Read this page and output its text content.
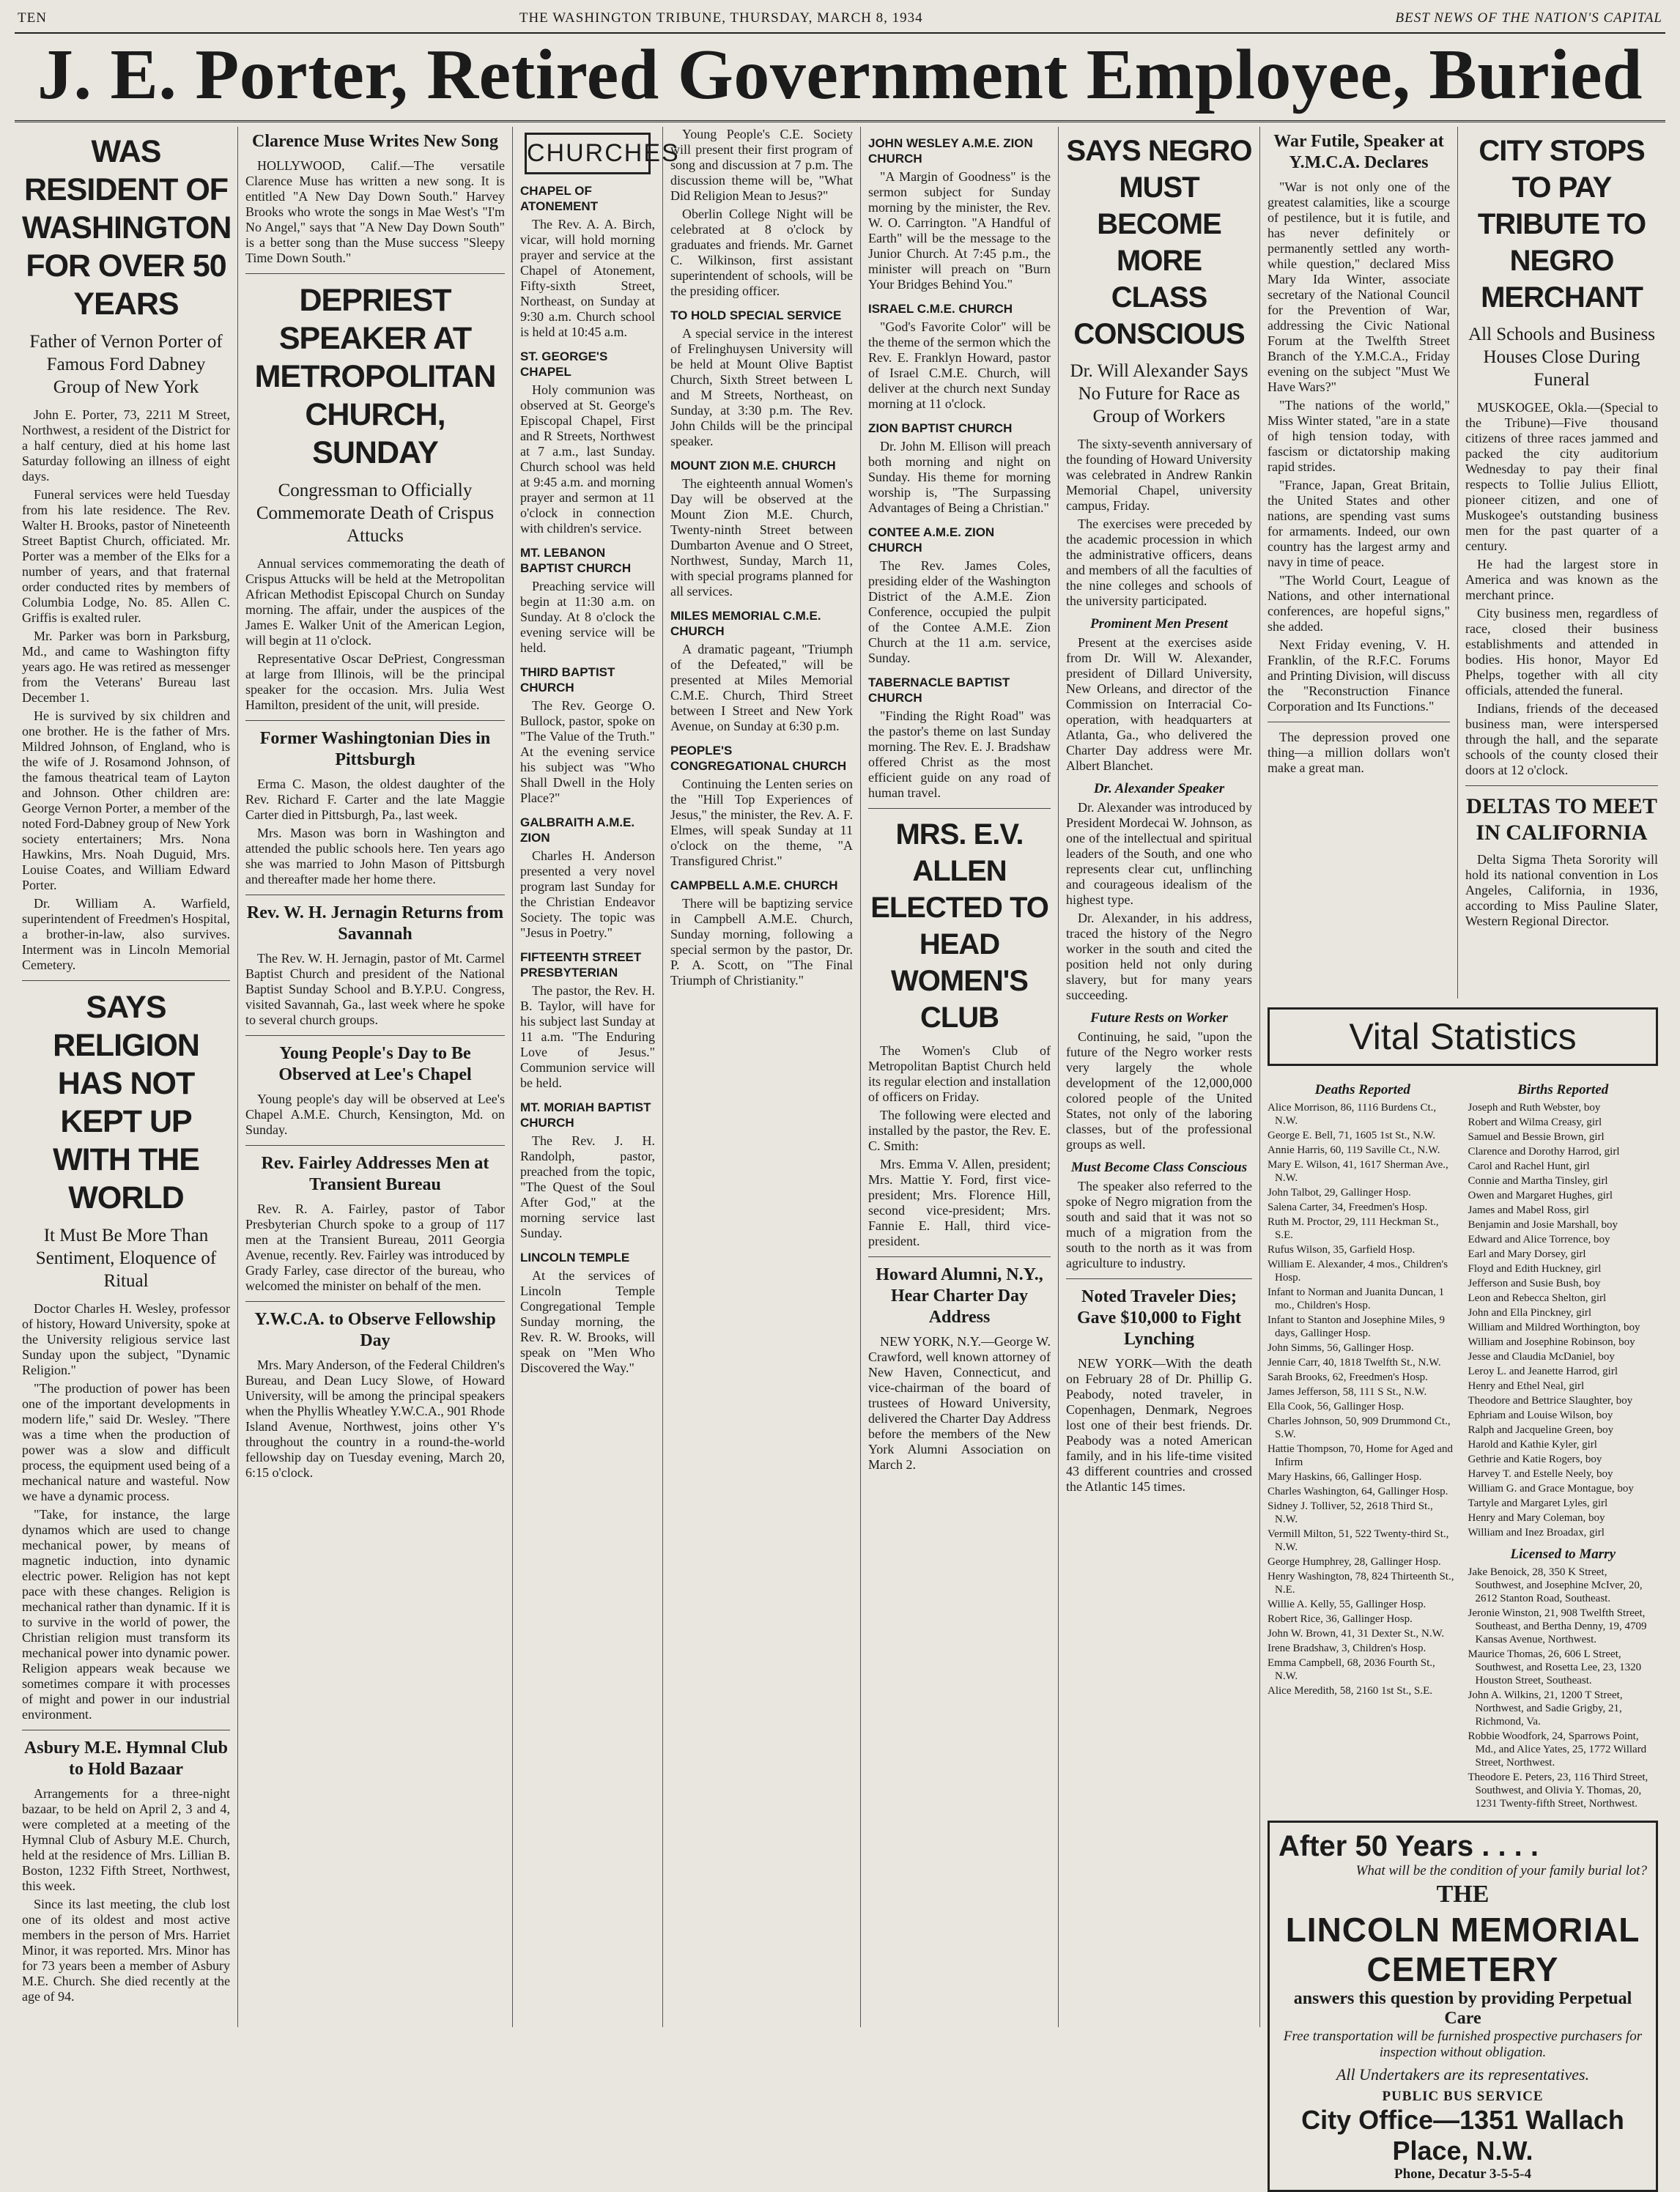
TEN	THE WASHINGTON TRIBUNE, THURSDAY, MARCH 8, 1934	BEST NEWS OF THE NATION'S CAPITAL
J. E. Porter, Retired Government Employee, Buried
WAS RESIDENT OF WASHINGTON FOR OVER 50 YEARS
Father of Vernon Porter of Famous Ford Dabney Group of New York

John E. Porter, 73, 2211 M Street, Northwest, a resident of the District for a half century, died at his home last Saturday following an illness of eight days.

Funeral services were held Tuesday from his late residence. The Rev. Walter H. Brooks, pastor of Nineteenth Street Baptist Church, officiated. Mr. Porter was a member of the Elks for a number of years, and that fraternal order conducted rites by members of Columbia Lodge, No. 85. Allen C. Griffis is exalted ruler.

Mr. Parker was born in Parksburg, Md., and came to Washington fifty years ago. He was retired as messenger from the Veterans' Bureau last December 1.

He is survived by six children and one brother. He is the father of Mrs. Mildred Johnson, of England, who is the wife of J. Rosamond Johnson, of the famous theatrical team of Layton and Johnson. Other children are: George Vernon Porter, a member of the noted Ford-Dabney group of New York society entertainers; Mrs. Nona Hawkins, Mrs. Noah Duguid, Mrs. Louise Coates, and William Edward Porter.

Dr. William A. Warfield, superintendent of Freedmen's Hospital, a brother-in-law, also survives. Interment was in Lincoln Memorial Cemetery.

SAYS RELIGION HAS NOT KEPT UP WITH THE WORLD
It Must Be More Than Sentiment, Eloquence of Ritual

Doctor Charles H. Wesley, professor of history, Howard University, spoke at the University religious service last Sunday upon the subject, "Dynamic Religion."

"The production of power has been one of the important developments in modern life," said Dr. Wesley. "There was a time when the production of power was a slow and difficult process, the equipment used being of a mechanical nature and wasteful. Now we have a dynamic process.

"Take, for instance, the large dynamos which are used to change mechanical power, by means of magnetic induction, into dynamic electric power. Religion has not kept pace with these changes. Religion is mechanical rather than dynamic. If it is to survive in the world of power, the Christian religion must transform its mechanical power into dynamic power. Religion appears weak because we sometimes compare it with processes of might and power in our industrial environment.

Asbury M.E. Hymnal Club to Hold Bazaar

Arrangements for a three-night bazaar, to be held on April 2, 3 and 4, were completed at a meeting of the Hymnal Club of Asbury M.E. Church, held at the residence of Mrs. Lillian B. Boston, 1232 Fifth Street, Northwest, this week.

Since its last meeting, the club lost one of its oldest and most active members in the person of Mrs. Harriet Minor, it was reported. Mrs. Minor has for 73 years been a member of Asbury M.E. Church. She died recently at the age of 94.

Clarence Muse Writes New Song

HOLLYWOOD, Calif.—The versatile Clarence Muse has written a new song. It is entitled "A New Day Down South." Harvey Brooks who wrote the songs in Mae West's "I'm No Angel," says that "A New Day Down South" is a better song than the Muse success "Sleepy Time Down South."

DEPRIEST SPEAKER AT METROPOLITAN CHURCH, SUNDAY
Congressman to Officially Commemorate Death of Crispus Attucks

Annual services commemorating the death of Crispus Attucks will be held at the Metropolitan African Methodist Episcopal Church on Sunday morning. The affair, under the auspices of the James E. Walker Unit of the American Legion, will begin at 11 o'clock.

Representative Oscar DePriest, Congressman at large from Illinois, will be the principal speaker for the occasion. Mrs. Julia West Hamilton, president of the unit, will preside.

Former Washingtonian Dies in Pittsburgh

Erma C. Mason, the oldest daughter of the Rev. Richard F. Carter and the late Maggie Carter died in Pittsburgh, Pa., last week.

Mrs. Mason was born in Washington and attended the public schools here. Ten years ago she was married to John Mason of Pittsburgh and thereafter made her home there.

Rev. W. H. Jernagin Returns from Savannah

The Rev. W. H. Jernagin, pastor of Mt. Carmel Baptist Church and president of the National Baptist Sunday School and B.Y.P.U. Congress, visited Savannah, Ga., last week where he spoke to several church groups.

Young People's Day to Be Observed at Lee's Chapel

Young people's day will be observed at Lee's Chapel A.M.E. Church, Kensington, Md. on Sunday.

Rev. Fairley Addresses Men at Transient Bureau

Rev. R. A. Fairley, pastor of Tabor Presbyterian Church spoke to a group of 117 men at the Transient Bureau, 2011 Georgia Avenue, recently. Rev. Fairley was introduced by Grady Farley, case director of the bureau, who welcomed the minister on behalf of the men.

Y.W.C.A. to Observe Fellowship Day

Mrs. Mary Anderson, of the Federal Children's Bureau, and Dean Lucy Slowe, of Howard University, will be among the principal speakers when the Phyllis Wheatley Y.W.C.A., 901 Rhode Island Avenue, Northwest, joins other Y's throughout the country in a round-the-world fellowship day on Tuesday evening, March 20, 6:15 o'clock.

CHURCHES
CHAPEL OF ATONEMENT

The Rev. A. A. Birch, vicar, will hold morning prayer and service at the Chapel of Atonement, Fifty-sixth Street, Northeast, on Sunday at 9:30 a.m. Church school is held at 10:45 a.m.

ST. GEORGE'S CHAPEL

Holy communion was observed at St. George's Episcopal Chapel, First and R Streets, Northwest at 7 a.m., last Sunday. Church school was held at 9:45 a.m. and morning prayer and sermon at 11 o'clock in connection with children's service.

MT. LEBANON BAPTIST CHURCH

Preaching service will begin at 11:30 a.m. on Sunday. At 8 o'clock the evening service will be held.

THIRD BAPTIST CHURCH

The Rev. George O. Bullock, pastor, spoke on "The Value of the Truth." At the evening service his subject was "Who Shall Dwell in the Holy Place?"

GALBRAITH A.M.E. ZION

Charles H. Anderson presented a very novel program last Sunday for the Christian Endeavor Society. The topic was "Jesus in Poetry."

FIFTEENTH STREET PRESBYTERIAN

The pastor, the Rev. H. B. Taylor, will have for his subject last Sunday at 11 a.m. "The Enduring Love of Jesus." Communion service will be held.

MT. MORIAH BAPTIST CHURCH

The Rev. J. H. Randolph, pastor, preached from the topic, "The Quest of the Soul After God," at the morning service last Sunday.

LINCOLN TEMPLE

At the services of Lincoln Temple Congregational Temple Sunday morning, the Rev. R. W. Brooks, will speak on "Men Who Discovered the Way."

Young People's C.E. Society will present their first program of song and discussion at 7 p.m. The discussion theme will be, "What Did Religion Mean to Jesus?"

Oberlin College Night will be celebrated at 8 o'clock by graduates and friends. Mr. Garnet C. Wilkinson, first assistant superintendent of schools, will be the presiding officer.

TO HOLD SPECIAL SERVICE

A special service in the interest of Frelinghuysen University will be held at Mount Olive Baptist Church, Sixth Street between L and M Streets, Northeast, on Sunday, at 3:30 p.m. The Rev. John Childs will be the principal speaker.

MOUNT ZION M.E. CHURCH

The eighteenth annual Women's Day will be observed at the Mount Zion M.E. Church, Twenty-ninth Street between Dumbarton Avenue and O Street, Northwest, Sunday, March 11, with special programs planned for all services.

MILES MEMORIAL C.M.E. CHURCH

A dramatic pageant, "Triumph of the Defeated," will be presented at Miles Memorial C.M.E. Church, Third Street between I Street and New York Avenue, on Sunday at 6:30 p.m.

PEOPLE'S CONGREGATIONAL CHURCH

Continuing the Lenten series on the "Hill Top Experiences of Jesus," the minister, the Rev. A. F. Elmes, will speak Sunday at 11 o'clock on the theme, "A Transfigured Christ."

CAMPBELL A.M.E. CHURCH

There will be baptizing service in Campbell A.M.E. Church, Sunday morning, following a special sermon by the pastor, Dr. P. A. Scott, on "The Final Triumph of Christianity."

JOHN WESLEY A.M.E. ZION CHURCH

"A Margin of Goodness" is the sermon subject for Sunday morning by the minister, the Rev. W. O. Carrington. "A Handful of Earth" will be the message to the Junior Church. At 7:45 p.m., the minister will preach on "Burn Your Bridges Behind You."

ISRAEL C.M.E. CHURCH

"God's Favorite Color" will be the theme of the sermon which the Rev. E. Franklyn Howard, pastor of Israel C.M.E. Church, will deliver at the church next Sunday morning at 11 o'clock.

ZION BAPTIST CHURCH

Dr. John M. Ellison will preach both morning and night on Sunday. His theme for morning worship is, "The Surpassing Advantages of Being a Christian."

CONTEE A.M.E. ZION CHURCH

The Rev. James Coles, presiding elder of the Washington District of the A.M.E. Zion Conference, occupied the pulpit of the Contee A.M.E. Zion Church at the 11 a.m. service, Sunday.

TABERNACLE BAPTIST CHURCH

"Finding the Right Road" was the pastor's theme on last Sunday morning. The Rev. E. J. Bradshaw offered Christ as the most efficient guide on any road of human travel.

MRS. E.V. ALLEN ELECTED TO HEAD WOMEN'S CLUB

The Women's Club of Metropolitan Baptist Church held its regular election and installation of officers on Friday.

The following were elected and installed by the pastor, the Rev. E. C. Smith:

Mrs. Emma V. Allen, president; Mrs. Mattie Y. Ford, first vice-president; Mrs. Florence Hill, second vice-president; Mrs. Fannie E. Hall, third vice-president.

Howard Alumni, N.Y., Hear Charter Day Address

NEW YORK, N.Y.—George W. Crawford, well known attorney of New Haven, Connecticut, and vice-chairman of the board of trustees of Howard University, delivered the Charter Day Address before the members of the New York Alumni Association on March 2.

SAYS NEGRO MUST BECOME MORE CLASS CONSCIOUS
Dr. Will Alexander Says No Future for Race as Group of Workers

The sixty-seventh anniversary of the founding of Howard University was celebrated in Andrew Rankin Memorial Chapel, university campus, Friday.

The exercises were preceded by the academic procession in which the administrative officers, deans and members of all the faculties of the nine colleges and schools of the university participated.

Prominent Men Present

Present at the exercises aside from Dr. Will W. Alexander, president of Dillard University, New Orleans, and director of the Commission on Interracial Co-operation, with headquarters at Atlanta, Ga., who delivered the Charter Day address were Mr. Albert Blanchet.

Dr. Alexander Speaker

Dr. Alexander was introduced by President Mordecai W. Johnson, as one of the intellectual and spiritual leaders of the South, and one who represents clear cut, unflinching and courageous idealism of the highest type.

Dr. Alexander, in his address, traced the history of the Negro worker in the south and cited the position held not only during slavery, but for many years succeeding.

Future Rests on Worker

Continuing, he said, "upon the future of the Negro worker rests very largely the whole development of the 12,000,000 colored people of the United States, not only of the laboring classes, but of the professional groups as well.

Must Become Class Conscious

The speaker also referred to the spoke of Negro migration from the south and said that it was not so much of a migration from the south to the north as it was from agriculture to industry.

Noted Traveler Dies; Gave $10,000 to Fight Lynching

NEW YORK—With the death on February 28 of Dr. Phillip G. Peabody, noted traveler, in Copenhagen, Denmark, Negroes lost one of their best friends. Dr. Peabody was a noted American family, and in his life-time visited 43 different countries and crossed the Atlantic 145 times.

War Futile, Speaker at Y.M.C.A. Declares

"War is not only one of the greatest calamities, like a scourge of pestilence, but it is futile, and has never definitely or permanently settled any worth-while question," declared Miss Mary Ida Winter, associate secretary of the National Council for the Prevention of War, addressing the Civic National Forum at the Twelfth Street Branch of the Y.M.C.A., Friday evening on the subject "Must We Have Wars?"

"The nations of the world," Miss Winter stated, "are in a state of high tension today, with fascism or dictatorship making rapid strides.

"France, Japan, Great Britain, the United States and other nations, are spending vast sums for armaments. Indeed, our own country has the largest army and navy in time of peace.

"The World Court, League of Nations, and other international conferences, are hopeful signs," she added.

Next Friday evening, V. H. Franklin, of the R.F.C. Forums and Printing Division, will discuss the "Reconstruction Finance Corporation and Its Functions."

The depression proved one thing—a million dollars won't make a great man.

CITY STOPS TO PAY TRIBUTE TO NEGRO MERCHANT
All Schools and Business Houses Close During Funeral

MUSKOGEE, Okla.—(Special to the Tribune)—Five thousand citizens of three races jammed and packed the city auditorium Wednesday to pay their final respects to Tollie Julius Elliott, pioneer citizen, and one of Muskogee's outstanding business men for the past quarter of a century.

He had the largest store in America and was known as the merchant prince.

City business men, regardless of race, closed their business establishments and attended in bodies. His honor, Mayor Ed Phelps, together with all city officials, attended the funeral.

Indians, friends of the deceased business man, were interspersed through the hall, and the separate schools of the county closed their doors at 12 o'clock.

DELTAS TO MEET IN CALIFORNIA

Delta Sigma Theta Sorority will hold its national convention in Los Angeles, California, in 1936, according to Miss Pauline Slater, Western Regional Director.

Vital Statistics
Deaths Reported
Alice Morrison, 86, 1116 Burdens Ct., N.W.
George E. Bell, 71, 1605 1st St., N.W.
Annie Harris, 60, 119 Saville Ct., N.W.
Mary E. Wilson, 41, 1617 Sherman Ave., N.W.
John Talbot, 29, Gallinger Hosp.
Salena Carter, 34, Freedmen's Hosp.
Ruth M. Proctor, 29, 111 Heckman St., S.E.
Rufus Wilson, 35, Garfield Hosp.
William E. Alexander, 4 mos., Children's Hosp.
Infant to Norman and Juanita Duncan, 1 mo., Children's Hosp.
Infant to Stanton and Josephine Miles, 9 days, Gallinger Hosp.
John Simms, 56, Gallinger Hosp.
Jennie Carr, 40, 1818 Twelfth St., N.W.
Sarah Brooks, 62, Freedmen's Hosp.
James Jefferson, 58, 111 S St., N.W.
Ella Cook, 56, Gallinger Hosp.
Charles Johnson, 50, 909 Drummond Ct., S.W.
Hattie Thompson, 70, Home for Aged and Infirm
Mary Haskins, 66, Gallinger Hosp.
Charles Washington, 64, Gallinger Hosp.
Sidney J. Tolliver, 52, 2618 Third St., N.W.
Vermill Milton, 51, 522 Twenty-third St., N.W.
George Humphrey, 28, Gallinger Hosp.
Henry Washington, 78, 824 Thirteenth St., N.E.
Willie A. Kelly, 55, Gallinger Hosp.
Robert Rice, 36, Gallinger Hosp.
John W. Brown, 41, 31 Dexter St., N.W.
Irene Bradshaw, 3, Children's Hosp.
Emma Campbell, 68, 2036 Fourth St., N.W.
Alice Meredith, 58, 2160 1st St., S.E.
Births Reported
Joseph and Ruth Webster, boy
Robert and Wilma Creasy, girl
Samuel and Bessie Brown, girl
Clarence and Dorothy Harrod, girl
Carol and Rachel Hunt, girl
Connie and Martha Tinsley, girl
Owen and Margaret Hughes, girl
James and Mabel Ross, girl
Benjamin and Josie Marshall, boy
Edward and Alice Torrence, boy
Earl and Mary Dorsey, girl
Floyd and Edith Huckney, girl
Jefferson and Susie Bush, boy
Leon and Rebecca Shelton, girl
John and Ella Pinckney, girl
William and Mildred Worthington, boy
William and Josephine Robinson, boy
Jesse and Claudia McDaniel, boy
Leroy L. and Jeanette Harrod, girl
Henry and Ethel Neal, girl
Theodore and Bettrice Slaughter, boy
Ephriam and Louise Wilson, boy
Ralph and Jacqueline Green, boy
Harold and Kathie Kyler, girl
Gethrie and Katie Rogers, boy
Harvey T. and Estelle Neely, boy
William G. and Grace Montague, boy
Tartyle and Margaret Lyles, girl
Henry and Mary Coleman, boy
William and Inez Broadax, girl
Licensed to Marry
Jake Benoick, 28, 350 K Street, Southwest, and Josephine McIver, 20, 2612 Stanton Road, Southeast.
Jeronie Winston, 21, 908 Twelfth Street, Southeast, and Bertha Denny, 19, 4709 Kansas Avenue, Northwest.
Maurice Thomas, 26, 606 L Street, Southwest, and Rosetta Lee, 23, 1320 Houston Street, Southeast.
John A. Wilkins, 21, 1200 T Street, Northwest, and Sadie Grigby, 21, Richmond, Va.
Robbie Woodfork, 24, Sparrows Point, Md., and Alice Yates, 25, 1772 Willard Street, Northwest.
Theodore E. Peters, 23, 116 Third Street, Southwest, and Olivia Y. Thomas, 20, 1231 Twenty-fifth Street, Northwest.
After 50 Years . . . .
What will be the condition of your family burial lot?
THE
LINCOLN MEMORIAL CEMETERY
answers this question by providing Perpetual Care
Free transportation will be furnished prospective purchasers for inspection without obligation.
All Undertakers are its representatives.
PUBLIC BUS SERVICE
City Office—1351 Wallach Place, N.W.
Phone, Decatur 3-5-5-4
